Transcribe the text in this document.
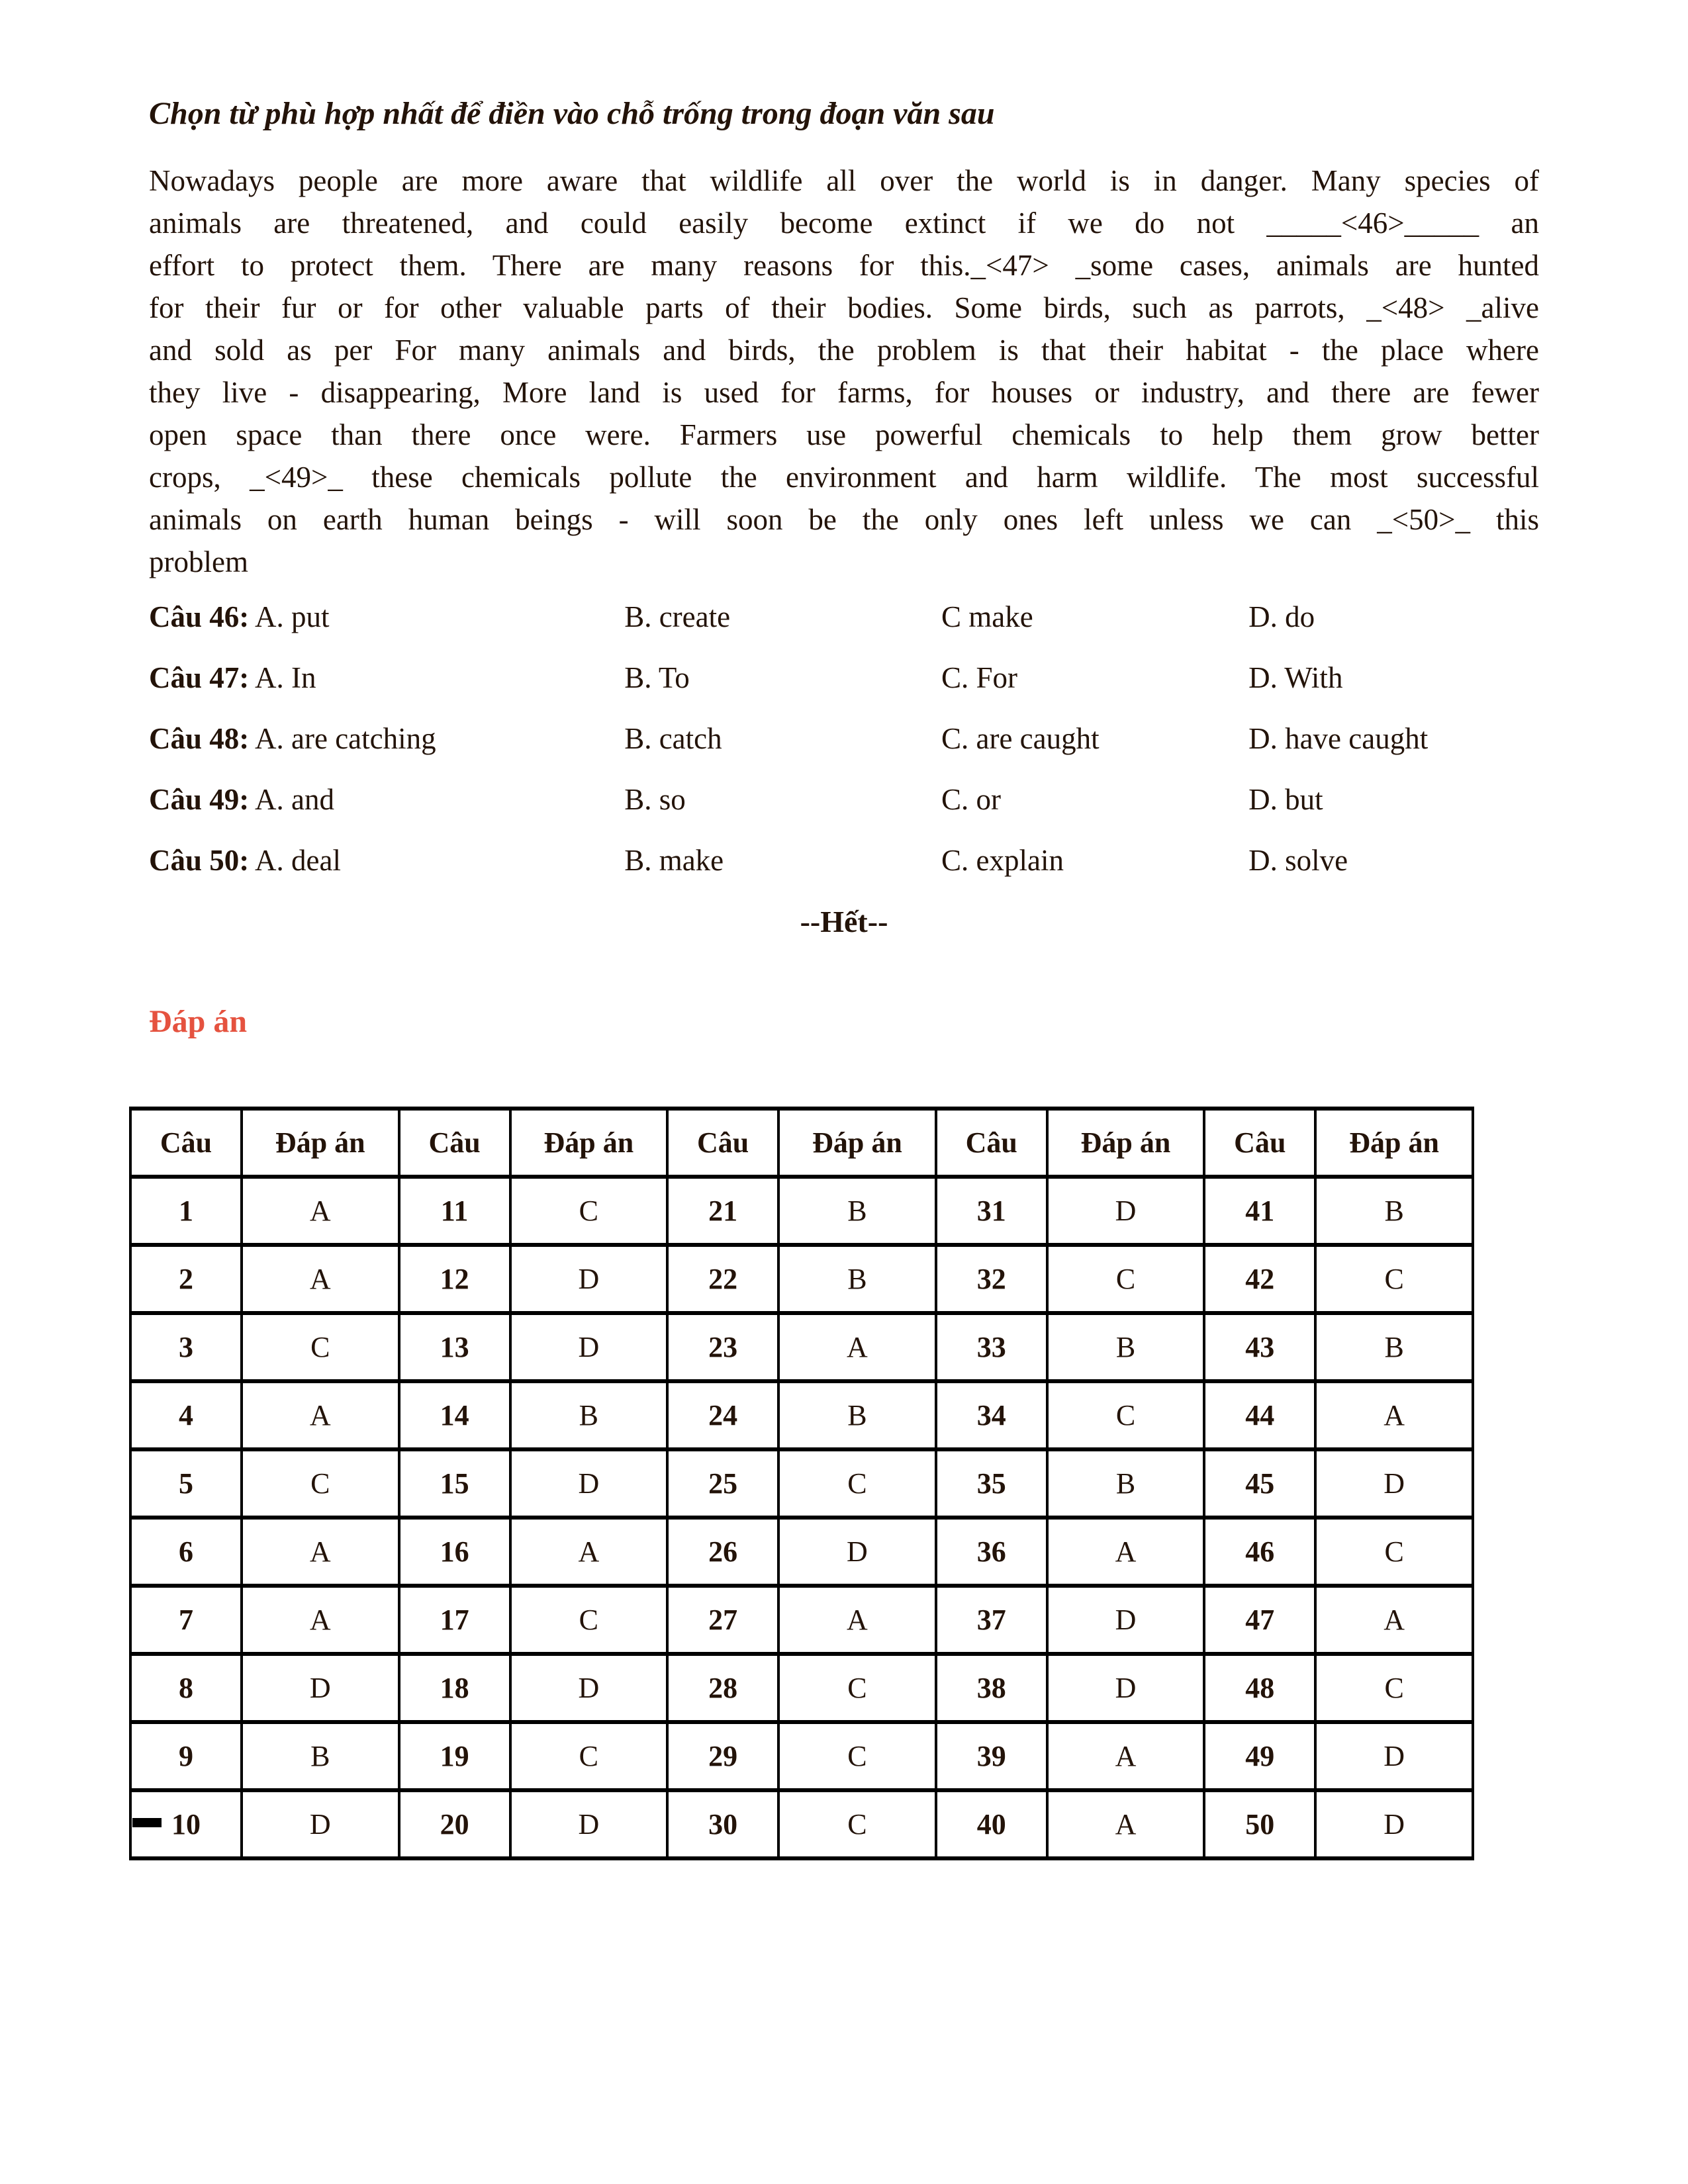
Chọn từ phù hợp nhất để điền vào chỗ trống trong đoạn văn sau
Nowadays people are more aware that wildlife all over the world is in danger. Many species of
animals are threatened, and could easily become extinct if we do not _____<46>_____ an
effort to protect them. There are many reasons for this._<47> _some cases, animals are hunted
for their fur or for other valuable parts of their bodies. Some birds, such as parrots, _<48> _alive
and sold as per For many animals and birds, the problem is that their habitat - the place where
they live - disappearing, More land is used for farms, for houses or industry, and there are fewer
open space than there once were. Farmers use powerful chemicals to help them grow better
crops, _<49>_ these chemicals pollute the environment and harm wildlife. The most successful
animals on earth human beings - will soon be the only ones left unless we can _<50>_ this
problem
Câu 46: A. put	B. create	C make	D. do
Câu 47: A. In	B. To	C. For	D. With
Câu 48: A. are catching	B. catch	C. are caught	D. have caught
Câu 49: A. and	B. so	C. or	D. but
Câu 50: A. deal	B. make	C. explain	D. solve
--Hết--
Đáp án
Câu	Đáp án	Câu	Đáp án	Câu	Đáp án	Câu	Đáp án	Câu	Đáp án
1	A	11	C	21	B	31	D	41	B
2	A	12	D	22	B	32	C	42	C
3	C	13	D	23	A	33	B	43	B
4	A	14	B	24	B	34	C	44	A
5	C	15	D	25	C	35	B	45	D
6	A	16	A	26	D	36	A	46	C
7	A	17	C	27	A	37	D	47	A
8	D	18	D	28	C	38	D	48	C
9	B	19	C	29	C	39	A	49	D
10	D	20	D	30	C	40	A	50	D
